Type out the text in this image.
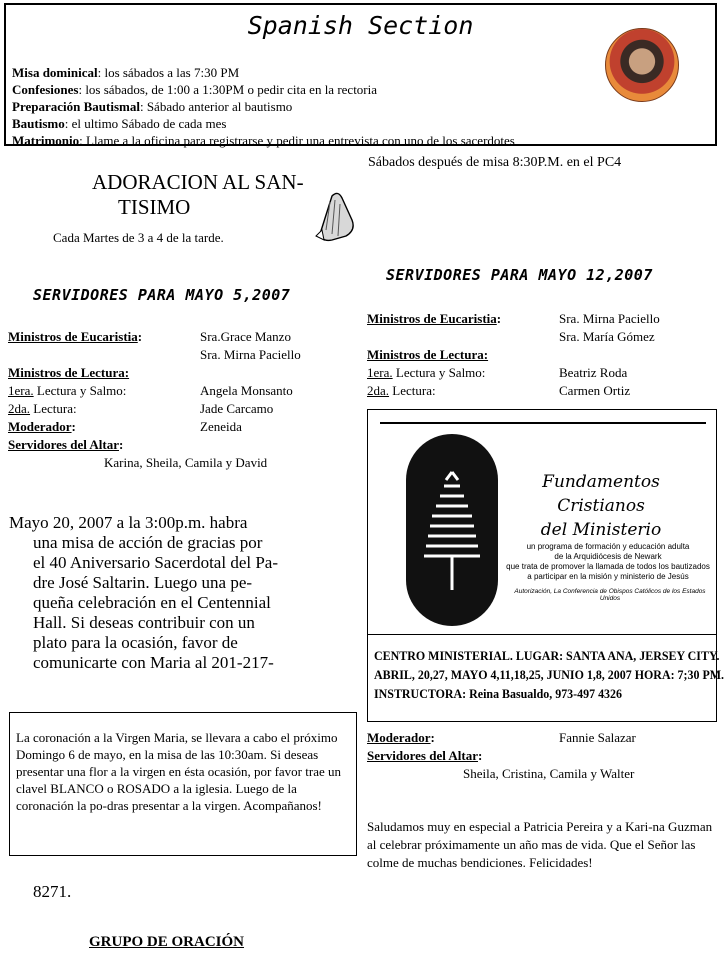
Spanish Section
Misa dominical: los sábados a las 7:30 PM
Confesiones: los sábados, de 1:00 a 1:30PM o pedir cita en la rectoria
Preparación Bautismal: Sábado anterior al bautismo
Bautismo: el ultimo Sábado de cada mes
Matrimonio: Llame a la oficina para registrarse y pedir una entrevista con uno de los sacerdotes
ADORACION AL SAN-
TISIMO
Cada Martes de 3 a 4 de la tarde.
SERVIDORES PARA MAYO 5,2007
Ministros de Eucaristia:	Sra.Grace Manzo
Sra. Mirna Paciello
Ministros de Lectura:
1era. Lectura y Salmo:	Angela Monsanto
2da. Lectura:	Jade Carcamo
Moderador:	Zeneida
Servidores del Altar:
Karina, Sheila, Camila y David
Mayo 20, 2007 a la 3:00p.m. habra
una misa de acción de gracias por
el 40 Aniversario Sacerdotal del Pa-
dre José Saltarin. Luego una pe-
queña celebración en el Centennial
Hall. Si deseas contribuir con un
plato para la ocasión, favor de
comunicarte con Maria al 201-217-
La coronación a la Virgen Maria, se llevara a cabo el próximo Domingo 6 de mayo, en la misa de las 10:30am. Si deseas presentar una flor a la virgen en ésta ocasión, por favor trae un clavel BLANCO o ROSADO a la iglesia. Luego de la coronación la po-dras presentar a la virgen. Acompañanos!
8271.
GRUPO DE ORACIÓN
Sábados después de misa 8:30P.M. en el PC4
SERVIDORES PARA MAYO 12,2007
Ministros de Eucaristia:	Sra. Mirna Paciello
Sra. María Gómez
Ministros de Lectura:
1era. Lectura y Salmo:	Beatriz Roda
2da. Lectura:	Carmen Ortiz
Fundamentos Cristianos
del Ministerio
un programa de formación y educación adulta
de la Arquidiócesis de Newark
que trata de promover la llamada de todos los bautizados
a participar en la misión y ministerio de Jesús
Autorización, La Conferencia de Obispos Católicos de los Estados Unidos
CENTRO MINISTERIAL. LUGAR: SANTA ANA, JERSEY CITY.
ABRIL, 20,27, MAYO 4,11,18,25, JUNIO 1,8, 2007 HORA: 7;30 PM.
INSTRUCTORA: Reina Basualdo, 973-497 4326
Moderador:	Fannie Salazar
Servidores del Altar:
Sheila, Cristina, Camila y Walter
Saludamos muy en especial a Patricia Pereira y a Kari-na Guzman al celebrar próximamente un año mas de vida. Que el Señor las colme de muchas bendiciones. Felicidades!
